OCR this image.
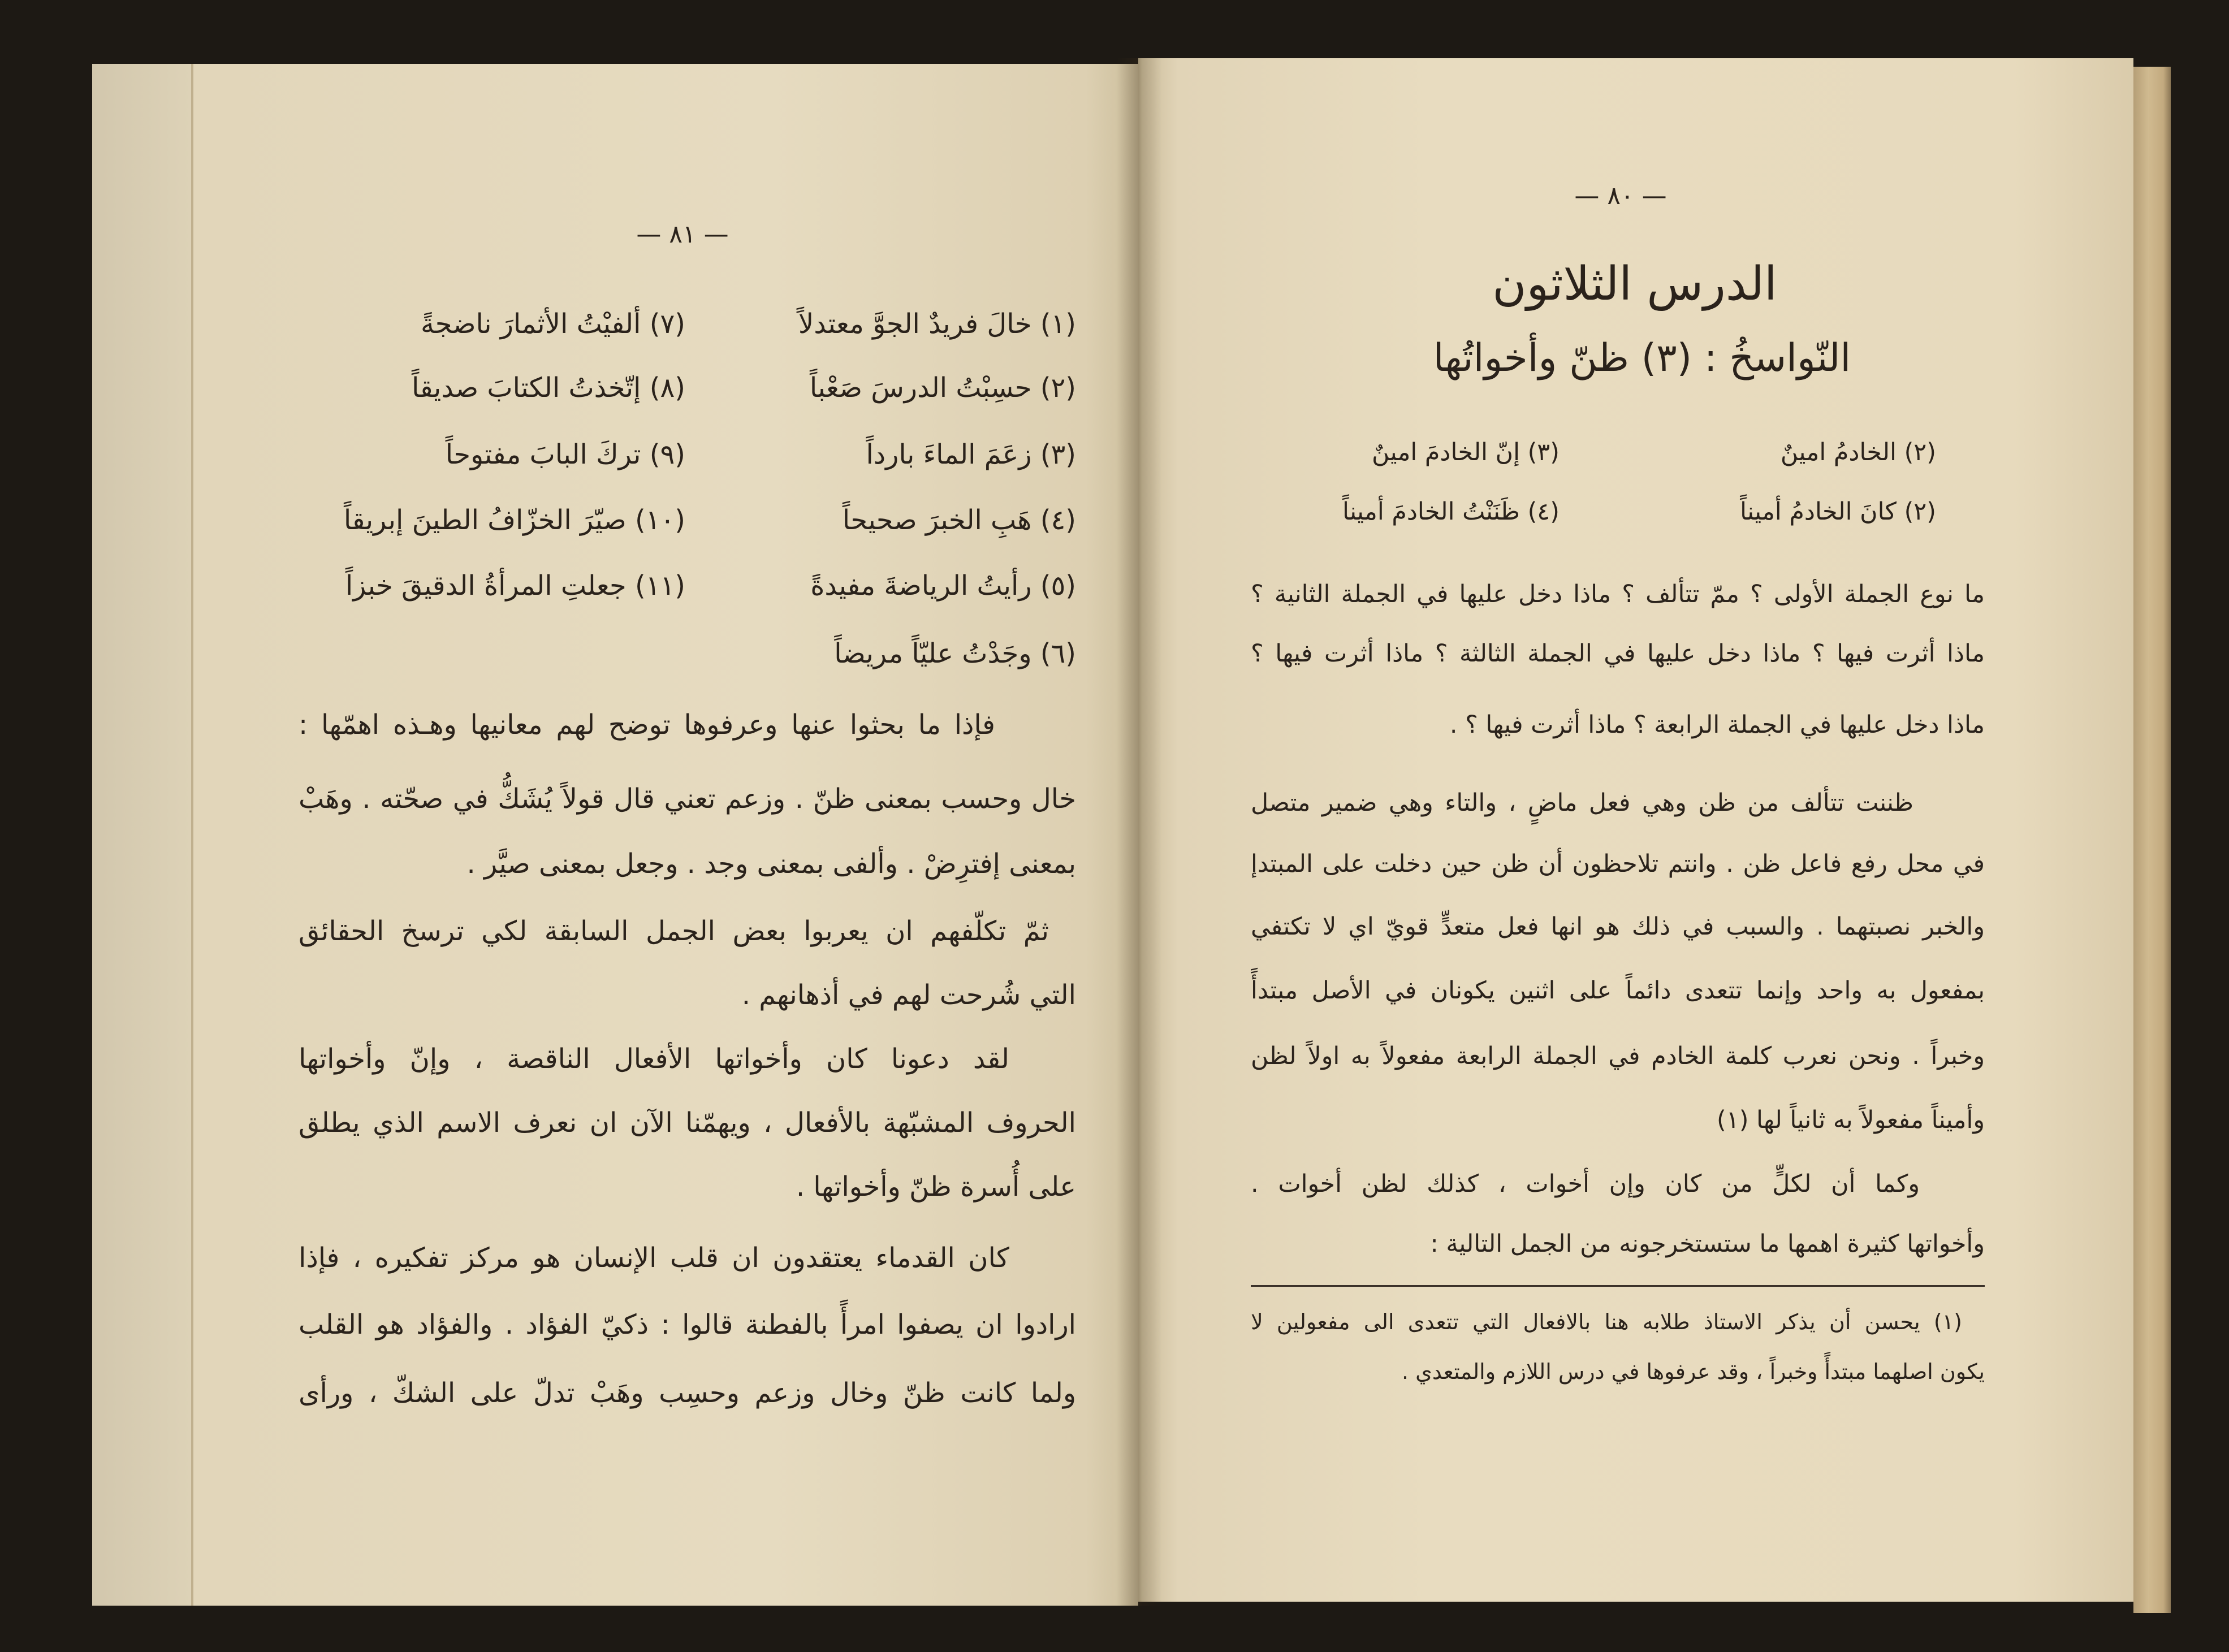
— ٨١ —
(١) خالَ فريدٌ الجوَّ معتدلاً
(٢) حسِبْتُ الدرسَ صَعْباً
(٣) زعَمَ الماءَ بارداً
(٤) هَبِ الخبرَ صحيحاً
(٥) رأيتُ الرياضةَ مفيدةً
(٦) وجَدْتُ عليّاً مريضاً
(٧) ألفيْتُ الأثمارَ ناضجةً
(٨) إتّخذتُ الكتابَ صديقاً
(٩) تركَ البابَ مفتوحاً
(١٠) صيّرَ الخزّافُ الطينَ إبريقاً
(١١) جعلتِ المرأةُ الدقيقَ خبزاً
فإذا ما بحثوا عنها وعرفوها توضح لهم معانيها وهـذه اهمّها :
خال وحسب بمعنى ظنّ . وزعم تعني قال قولاً يُشَكُّ في صحّته . وهَبْ
بمعنى إفترِضْ . وألفى بمعنى وجد . وجعل بمعنى صيَّر .
ثمّ تكلّفهم ان يعربوا بعض الجمل السابقة لكي ترسخ الحقائق
التي شُرحت لهم في أذهانهم .
لقد دعونا كان وأخواتها الأفعال الناقصة ، وإنّ وأخواتها
الحروف المشبّهة بالأفعال ، ويهمّنا الآن ان نعرف الاسم الذي يطلق
على أُسرة ظنّ وأخواتها .
كان القدماء يعتقدون ان قلب الإنسان هو مركز تفكيره ، فإذا
ارادوا ان يصفوا امرأً بالفطنة قالوا : ذكيّ الفؤاد . والفؤاد هو القلب
ولما كانت ظنّ وخال وزعم وحسِب وهَبْ تدلّ على الشكّ ، ورأى
— ٨٠ —
الدرس الثلاثون
النّواسخُ : (٣) ظنّ وأخواتُها
(٢) الخادمُ امينٌ
(٢) كانَ الخادمُ أميناً
(٣) إنّ الخادمَ امينٌ
(٤) ظَنَنْتُ الخادمَ أميناً
ما نوع الجملة الأولى ؟ ممّ تتألف ؟ ماذا دخل عليها في الجملة الثانية ؟
ماذا أثرت فيها ؟ ماذا دخل عليها في الجملة الثالثة ؟ ماذا أثرت فيها ؟
ماذا دخل عليها في الجملة الرابعة ؟ ماذا أثرت فيها ؟ .
ظننت تتألف من ظن وهي فعل ماضٍ ، والتاء وهي ضمير متصل
في محل رفع فاعل ظن . وانتم تلاحظون أن ظن حين دخلت على المبتدإ
والخبر نصبتهما . والسبب في ذلك هو انها فعل متعدٍّ قويّ اي لا تكتفي
بمفعول به واحد وإنما تتعدى دائماً على اثنين يكونان في الأصل مبتدأً
وخبراً . ونحن نعرب كلمة الخادم في الجملة الرابعة مفعولاً به اولاً لظن
وأميناً مفعولاً به ثانياً لها (١)
وكما أن لكلٍّ من كان وإن أخوات ، كذلك لظن أخوات .
وأخواتها كثيرة اهمها ما ستستخرجونه من الجمل التالية :
(١) يحسن أن يذكر الاستاذ طلابه هنا بالافعال التي تتعدى الى مفعولين لا
يكون اصلهما مبتدأً وخبراً ، وقد عرفوها في درس اللازم والمتعدي .
